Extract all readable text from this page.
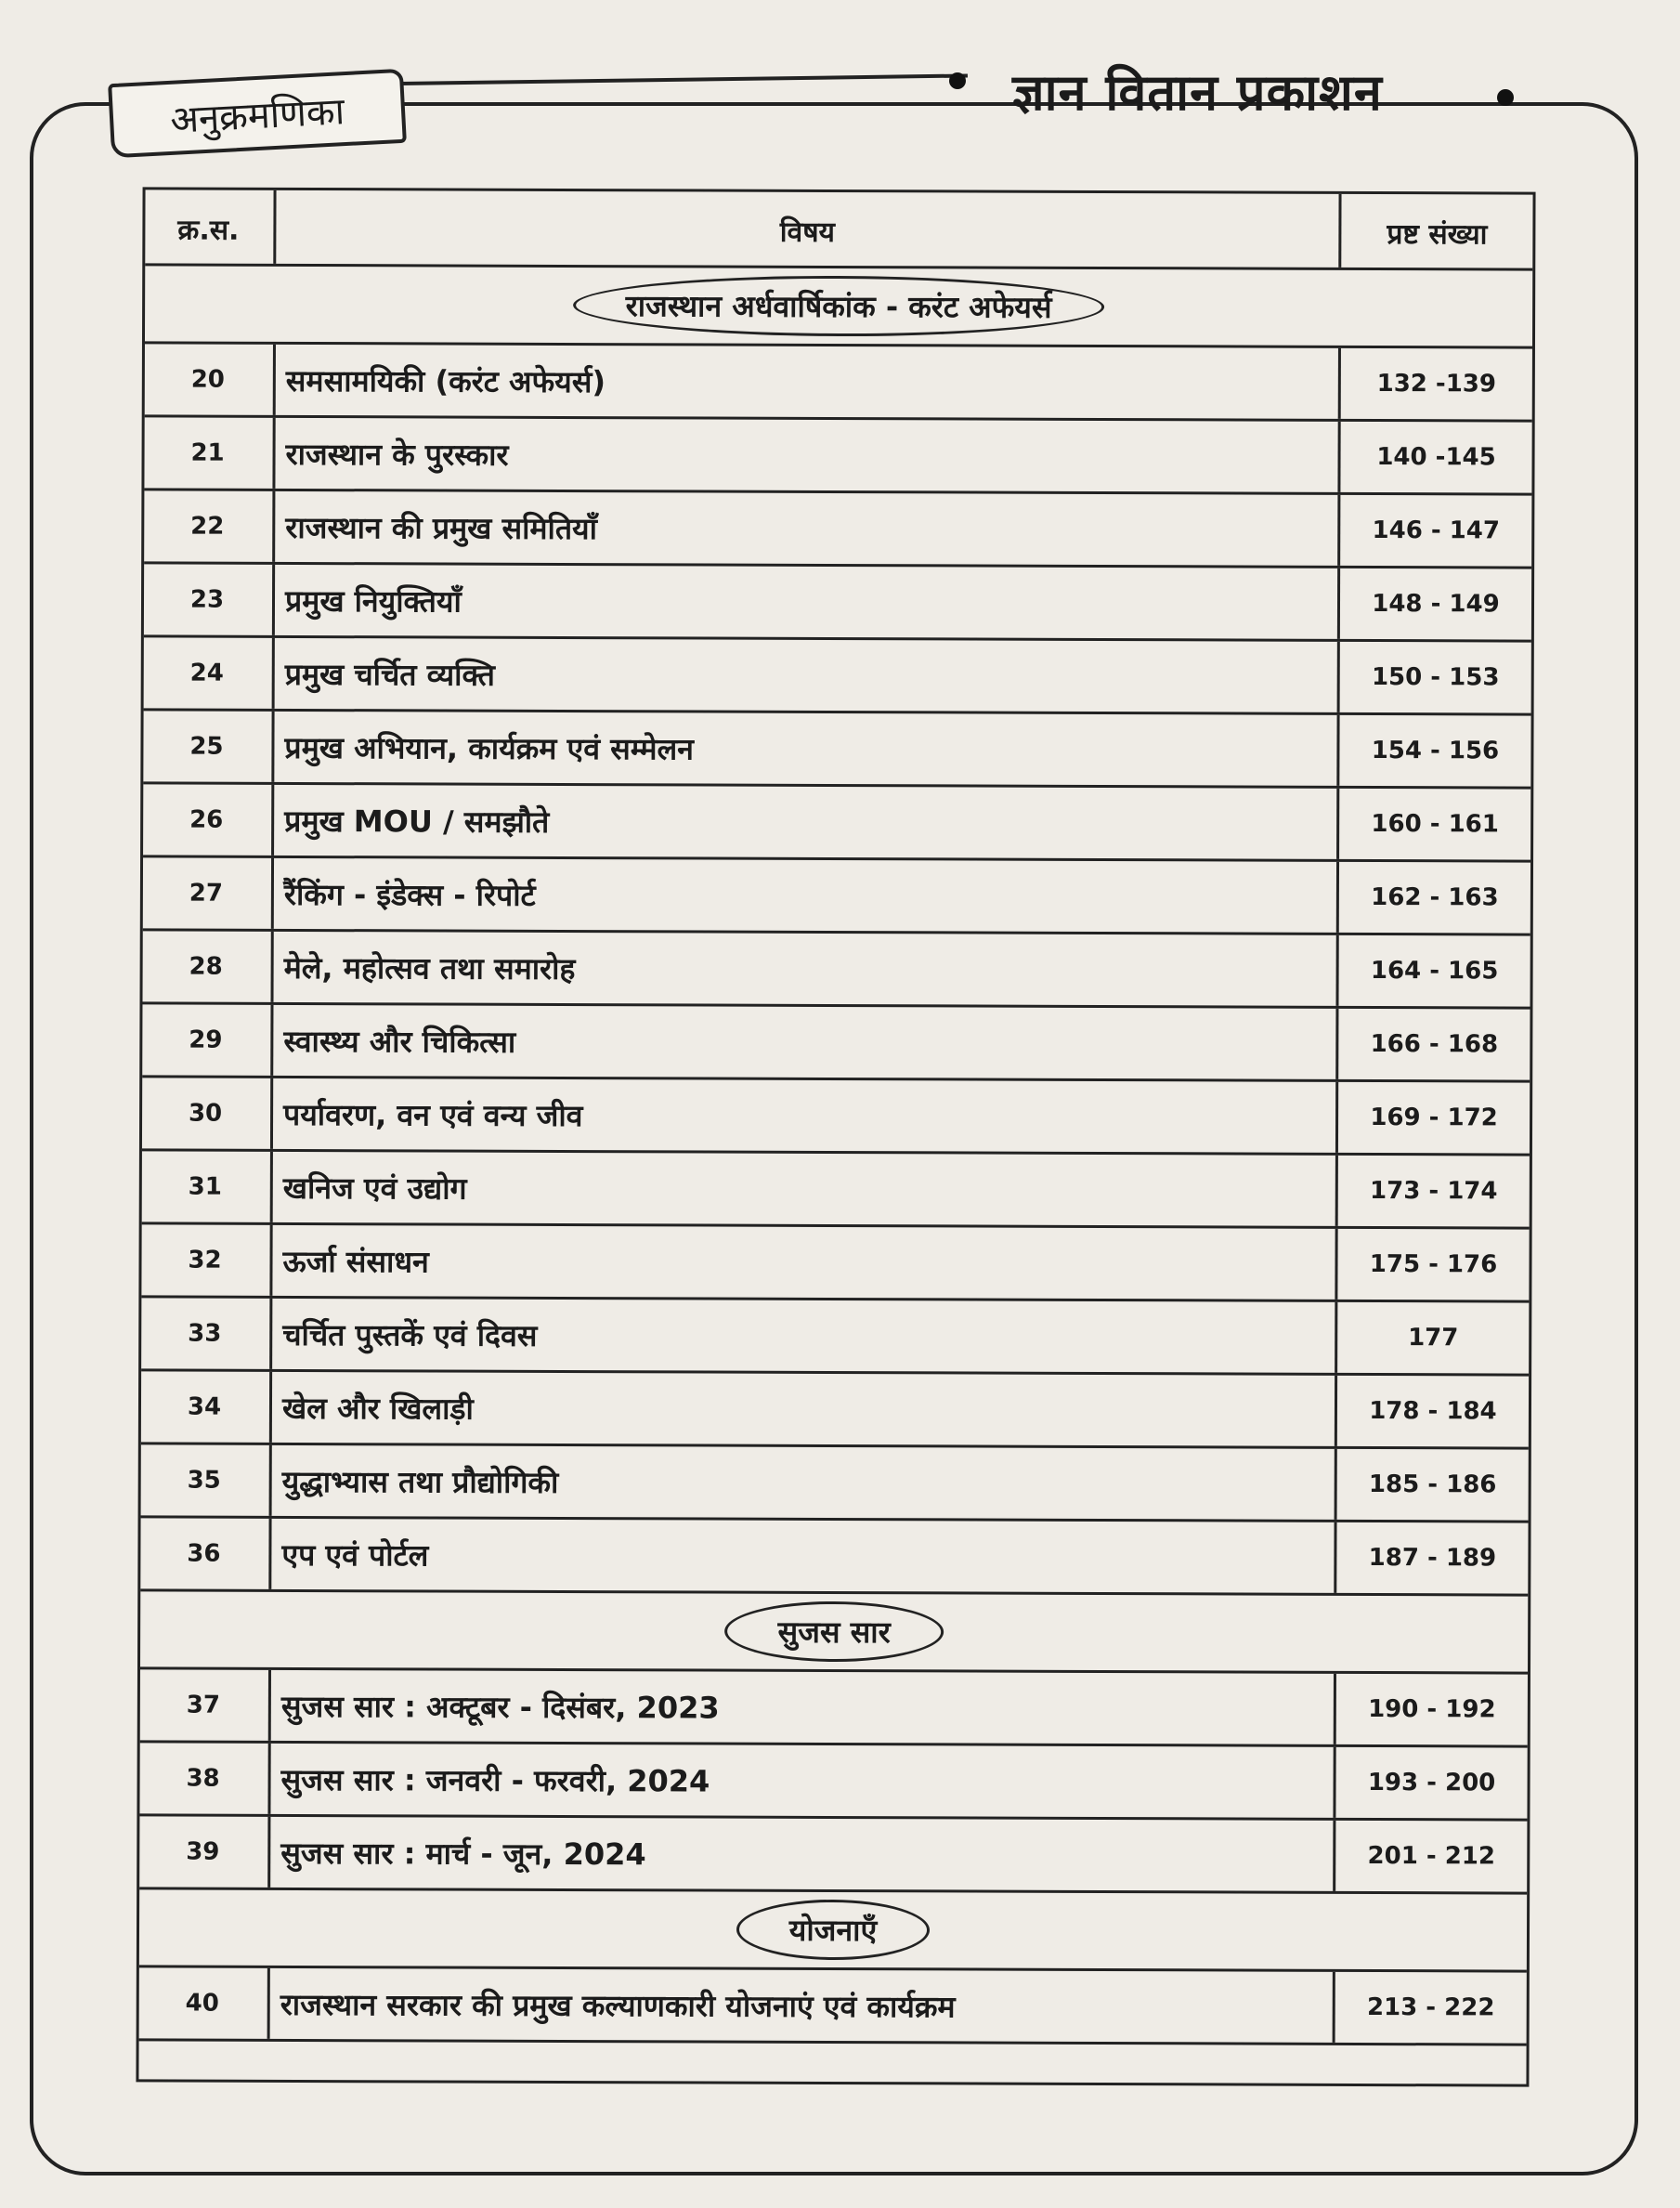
अनुक्रमणिका	ज्ञान वितान प्रकाशन
क्र.स.	विषय	प्रष्ट संख्या
राजस्थान अर्धवार्षिकांक - करंट अफेयर्स
20	समसामयिकी (करंट अफेयर्स)	132 -139
21	राजस्थान के पुरस्कार	140 -145
22	राजस्थान की प्रमुख समितियाँ	146 - 147
23	प्रमुख नियुक्तियाँ	148 - 149
24	प्रमुख चर्चित व्यक्ति	150 - 153
25	प्रमुख अभियान, कार्यक्रम एवं सम्मेलन	154 - 156
26	प्रमुख MOU / समझौते	160 - 161
27	रैंकिंग - इंडेक्स - रिपोर्ट	162 - 163
28	मेले, महोत्सव तथा समारोह	164 - 165
29	स्वास्थ्य और चिकित्सा	166 - 168
30	पर्यावरण, वन एवं वन्य जीव	169 - 172
31	खनिज एवं उद्योग	173 - 174
32	ऊर्जा संसाधन	175 - 176
33	चर्चित पुस्तकें एवं दिवस	177
34	खेल और खिलाड़ी	178 - 184
35	युद्धाभ्यास तथा प्रौद्योगिकी	185 - 186
36	एप एवं पोर्टल	187 - 189
सुजस सार
37	सुजस सार : अक्टूबर - दिसंबर, 2023	190 - 192
38	सुजस सार : जनवरी - फरवरी, 2024	193 - 200
39	सुजस सार : मार्च - जून, 2024	201 - 212
योजनाएँ
40	राजस्थान सरकार की प्रमुख कल्याणकारी योजनाएं एवं कार्यक्रम	213 - 222
